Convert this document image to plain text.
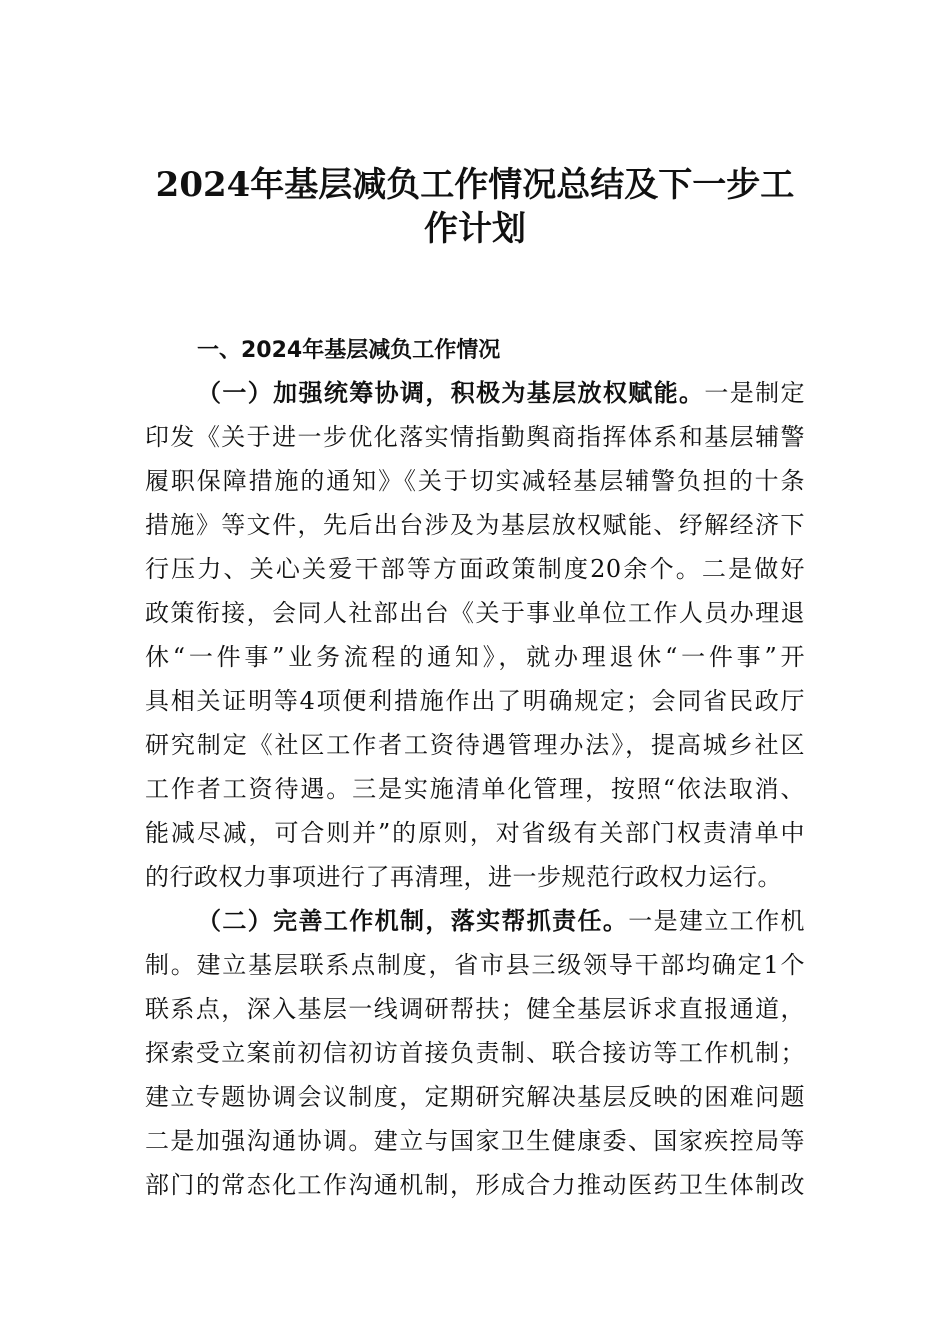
2024年基层减负工作情况总结及下一步工
作计划
一、2024年基层减负工作情况
（一）加强统筹协调，积极为基层放权赋能。一是制定
印发《关于进一步优化落实情指勤舆商指挥体系和基层辅警
履职保障措施的通知》《关于切实减轻基层辅警负担的十条
措施》等文件，先后出台涉及为基层放权赋能、纾解经济下
行压力、关心关爱干部等方面政策制度20余个。二是做好
政策衔接，会同人社部出台《关于事业单位工作人员办理退
休“一件事”业务流程的通知》，就办理退休“一件事”开
具相关证明等4项便利措施作出了明确规定；会同省民政厅
研究制定《社区工作者工资待遇管理办法》，提高城乡社区
工作者工资待遇。三是实施清单化管理，按照“依法取消、
能减尽减，可合则并”的原则，对省级有关部门权责清单中
的行政权力事项进行了再清理，进一步规范行政权力运行。
（二）完善工作机制，落实帮抓责任。一是建立工作机
制。建立基层联系点制度，省市县三级领导干部均确定1个
联系点，深入基层一线调研帮扶；健全基层诉求直报通道，
探索受立案前初信初访首接负责制、联合接访等工作机制；
建立专题协调会议制度，定期研究解决基层反映的困难问题
二是加强沟通协调。建立与国家卫生健康委、国家疾控局等
部门的常态化工作沟通机制，形成合力推动医药卫生体制改
